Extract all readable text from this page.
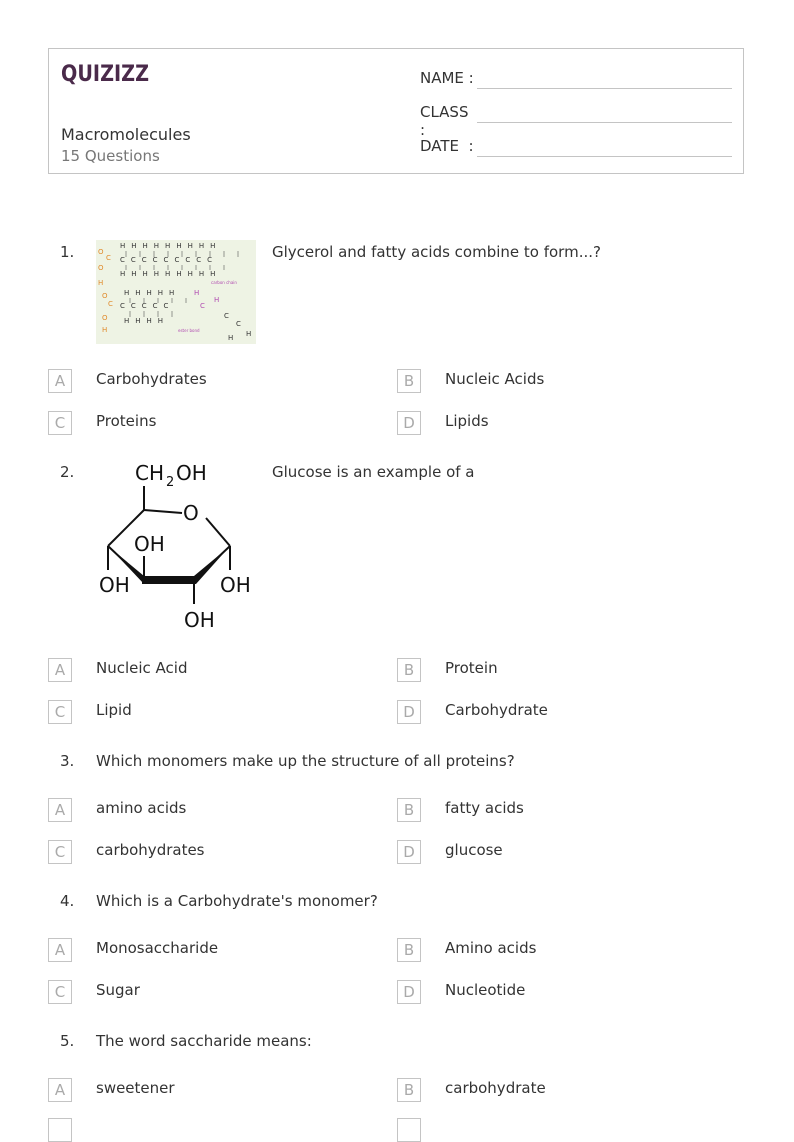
QUIZIZZ
Macromolecules
15 Questions
NAME :
CLASS :
DATE  :
1.	HHHHHHHHH
CCCCCCCCC
HHHHHHHHH
HHHHH
CCCCC
HHHH
O
C
O
H
O
C
O
H
H
C
H
carbon chain
ester bond
C
C
H
H
Glycerol and fatty acids combine to form...?
A	Carbohydrates	B	Nucleic Acids
C	Proteins	D	Lipids
2.	CH 2 OH
O
OH
OH	OH
OH
Glucose is an example of a
A	Nucleic Acid	B	Protein
C	Lipid	D	Carbohydrate
3. Which monomers make up the structure of all proteins?
A	amino acids	B	fatty acids
C	carbohydrates	D	glucose
4. Which is a Carbohydrate's monomer?
A	Monosaccharide	B	Amino acids
C	Sugar	D	Nucleotide
5. The word saccharide means:
A	sweetener	B	carbohydrate
